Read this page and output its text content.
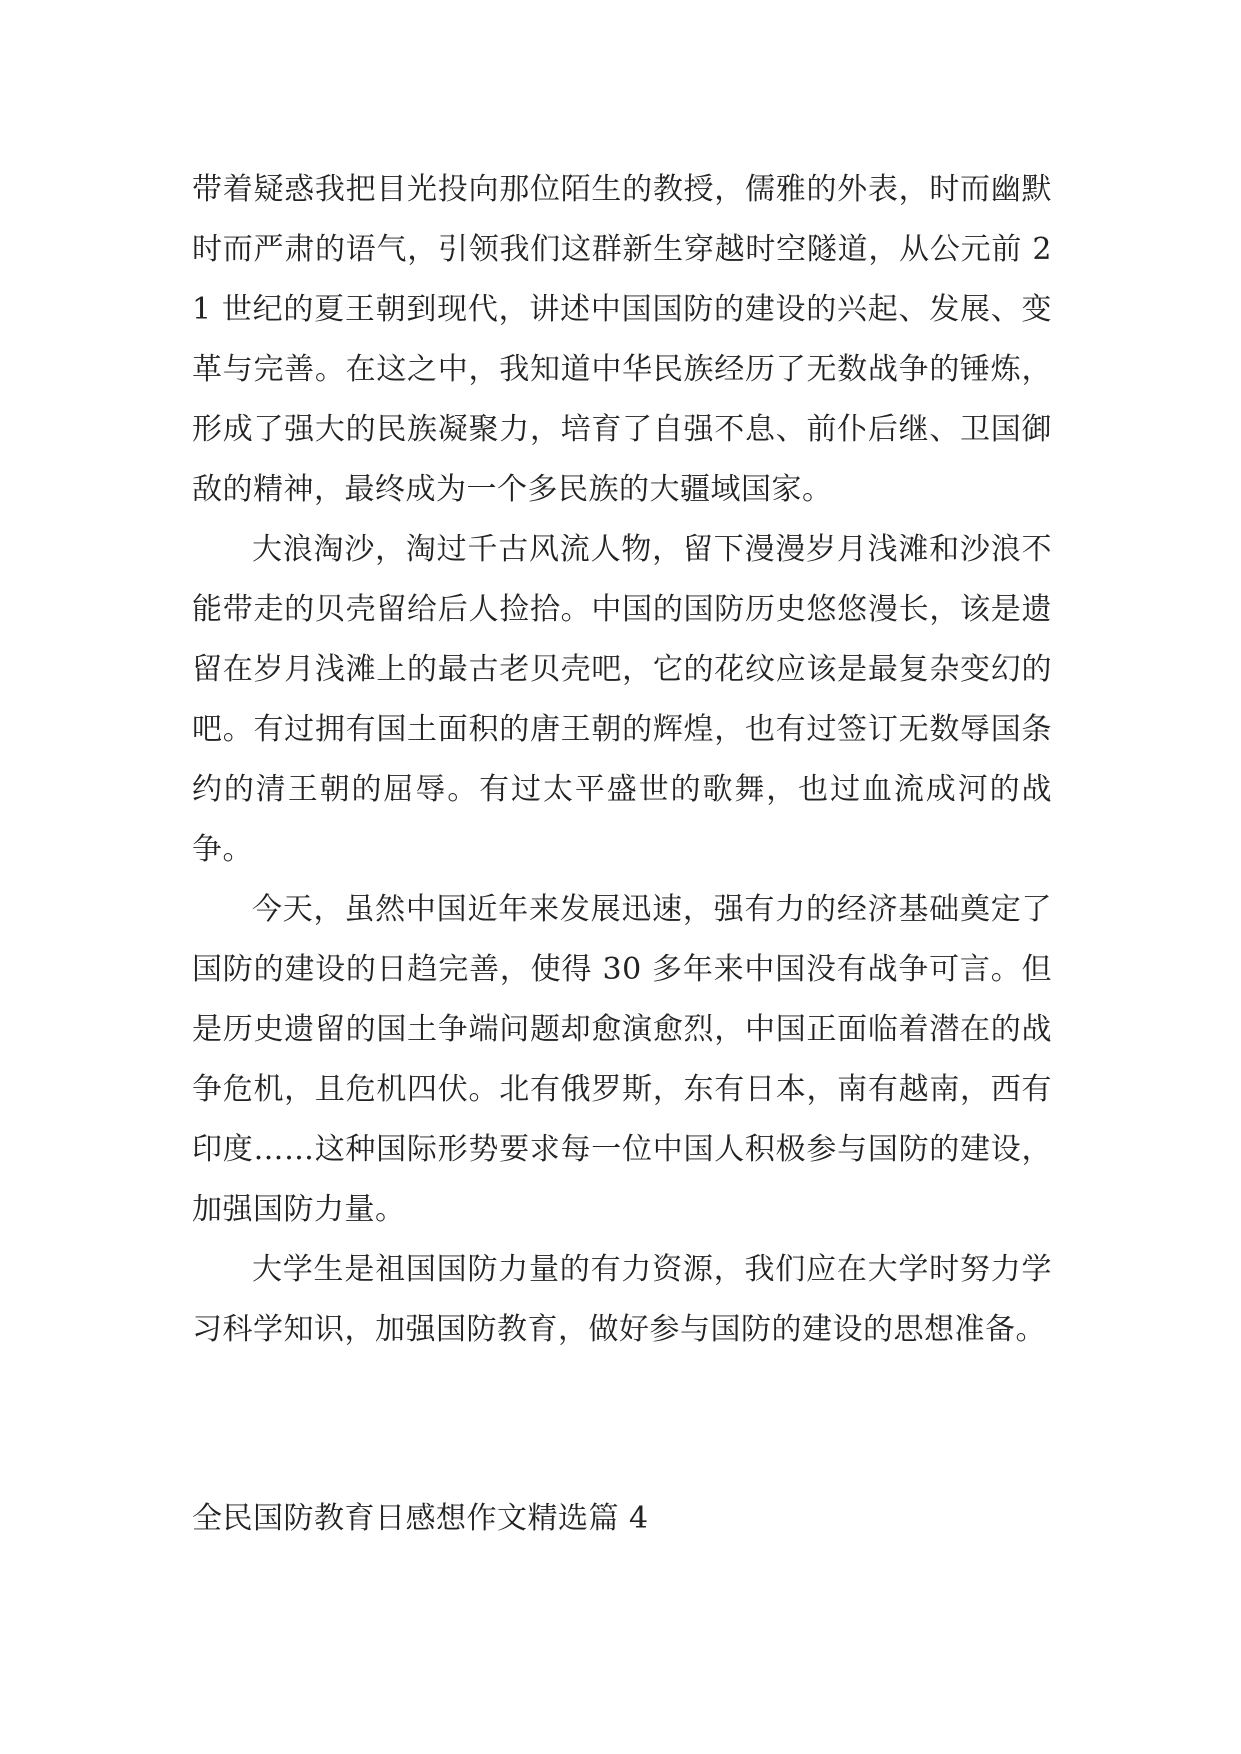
带着疑惑我把目光投向那位陌生的教授，儒雅的外表，时而幽默时而严肃的语气，引领我们这群新生穿越时空隧道，从公元前 21 世纪的夏王朝到现代，讲述中国国防的建设的兴起、发展、变革与完善。在这之中，我知道中华民族经历了无数战争的锤炼，形成了强大的民族凝聚力，培育了自强不息、前仆后继、卫国御敌的精神，最终成为一个多民族的大疆域国家。

大浪淘沙，淘过千古风流人物，留下漫漫岁月浅滩和沙浪不能带走的贝壳留给后人捡拾。中国的国防历史悠悠漫长，该是遗留在岁月浅滩上的最古老贝壳吧，它的花纹应该是最复杂变幻的吧。有过拥有国土面积的唐王朝的辉煌，也有过签订无数辱国条约的清王朝的屈辱。有过太平盛世的歌舞，也过血流成河的战争。

今天，虽然中国近年来发展迅速，强有力的经济基础奠定了国防的建设的日趋完善，使得 30 多年来中国没有战争可言。但是历史遗留的国土争端问题却愈演愈烈，中国正面临着潜在的战争危机，且危机四伏。北有俄罗斯，东有日本，南有越南，西有印度……这种国际形势要求每一位中国人积极参与国防的建设，加强国防力量。

大学生是祖国国防力量的有力资源，我们应在大学时努力学习科学知识，加强国防教育，做好参与国防的建设的思想准备。

全民国防教育日感想作文精选篇 4
